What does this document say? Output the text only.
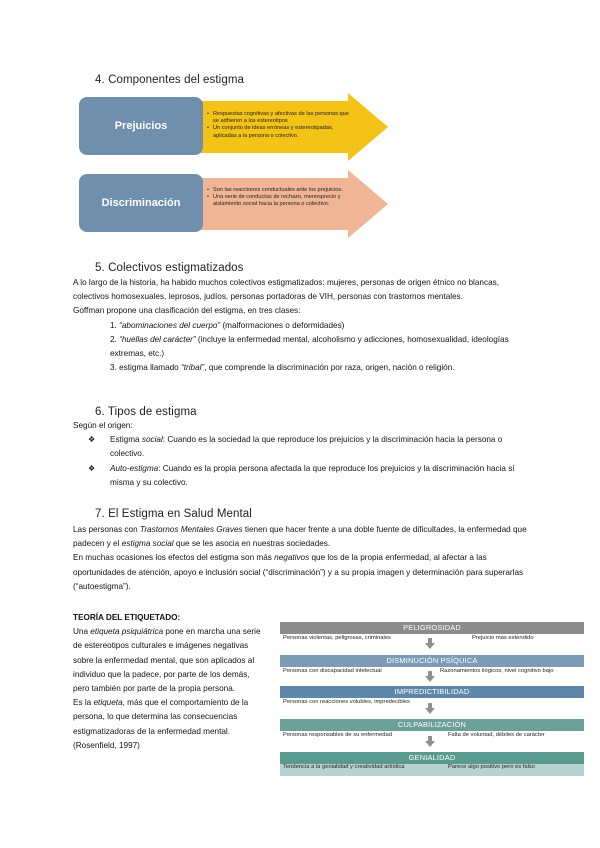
4. Componentes del estigma
Prejuicios
• Respuestas cognitivas y afectivas de las personas que se adhieren a los estereotipos
• Un conjunto de ideas erróneas y estereotipadas, aplicadas a la persona o colectivo.
Discriminación
• Son las reacciones conductuales ante los prejuicios.
• Una serie de conductas de rechazo, menosprecio y aislamiento social hacia la persona o colectivo.
5. Colectivos estigmatizados
A lo largo de la historia, ha habido muchos colectivos estigmatizados: mujeres, personas de origen étnico no blancas, colectivos homosexuales, leprosos, judíos, personas portadoras de VIH, personas con trastornos mentales.
Goffman propone una clasificación del estigma, en tres clases:
1. “abominaciones del cuerpo” (malformaciones o deformidades)
2. “huellas del carácter” (incluye la enfermedad mental, alcoholismo y adicciones, homosexualidad, ideologías extremas, etc.)
3. estigma llamado “tribal”, que comprende la discriminación por raza, origen, nación o religión.
6. Tipos de estigma
Según el origen:
❖ Estigma social: Cuando es la sociedad la que reproduce los prejuicios y la discriminación hacia la persona o colectivo.
❖ Auto-estigma: Cuando es la propia persona afectada la que reproduce los prejuicios y la discriminación hacia sí misma y su colectivo.
7. El Estigma en Salud Mental
Las personas con Trastornos Mentales Graves tienen que hacer frente a una doble fuente de dificultades, la enfermedad que padecen y el estigma social que se les asocia en nuestras sociedades.
En muchas ocasiones los efectos del estigma son más negativos que los de la propia enfermedad, al afectar a las oportunidades de atención, apoyo e inclusión social (“discriminación”) y a su propia imagen y determinación para superarlas (“autoestigma”).
TEORÍA DEL ETIQUETADO:
Una etiqueta psiquiátrica pone en marcha una serie de estereotipos culturales e imágenes negativas sobre la enfermedad mental, que son aplicados al individuo que la padece, por parte de los demás, pero también por parte de la propia persona.
Es la etiqueta, más que el comportamiento de la persona, lo que determina las consecuencias estigmatizadoras de la enfermedad mental.
(Rosenfield, 1997)
PELIGROSIDAD
Personas violentas, peligrosas, criminales	Prejuicio mas extendido
DISMINUCIÓN PSÍQUICA
Personas con discapacidad intelectual	Razonamientos ilógicos, nivel cognitivo bajo
IMPREDICTIBILIDAD
Personas con reacciones volubles, impredecibles
CULPABILIZACIÓN
Personas responsables de su enfermedad	Falta de voluntad, débiles de carácter
GENIALIDAD
Tendencia a la genialidad y creatividad artística	Parece algo positivo pero es falso
